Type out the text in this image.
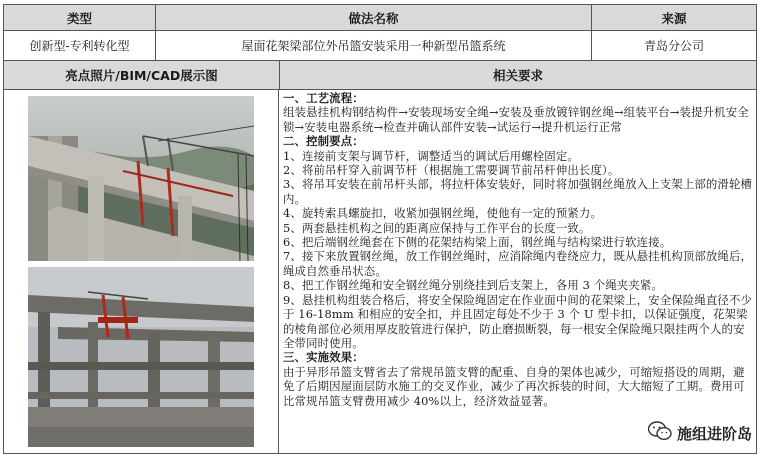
类型	做法名称	来源
创新型-专利转化型	屋面花架梁部位外吊篮安装采用一种新型吊篮系统	青岛分公司
亮点照片/BIM/CAD展示图	相关要求

一、工艺流程：

组装悬挂机构钢结构件→安装现场安全绳→安装及垂放镀锌钢丝绳→组装平台→装提升机安全锁→安装电器系统→检查并确认部件安装→试运行→提升机运行正常

二、控制要点：

1、连接前支架与调节杆，调整适当的调试后用螺栓固定。

2、将前吊杆穿入前调节杆（根据施工需要调节前吊杆伸出长度）。

3、将吊耳安装在前吊杆头部，将拉杆体安装好，同时将加强钢丝绳放入上支架上部的滑轮槽内。

4、旋转索具螺旋扣，收紧加强钢丝绳，使他有一定的预紧力。

5、两套悬挂机构之间的距离应保持与工作平台的长度一致。

6、把后端钢丝绳套在下侧的花架结构梁上面，钢丝绳与结构梁进行软连接。

7、接下来放置钢丝绳，放工作钢丝绳时，应消除绳内卷绕应力，既从悬挂机构顶部放绳后，绳成自然垂吊状态。

8、把工作钢丝绳和安全钢丝绳分别绕挂到后支架上，各用 3 个绳夹夹紧。

9、悬挂机构组装合格后，将安全保险绳固定在作业面中间的花架梁上，安全保险绳直径不少于 16-18mm 和相应的安全扣，并且固定每处不少于 3 个 U 型卡扣，以保证强度，花架梁的棱角部位必须用厚皮胶管进行保护，防止磨损断裂，每一根安全保险绳只限挂两个人的安全带同时使用。

三、实施效果：

由于异形吊篮支臂省去了常规吊篮支臂的配重、自身的架体也减少，可缩短搭设的周期，避免了后期因屋面层防水施工的交叉作业，减少了再次拆装的时间，大大缩短了工期。费用可比常规吊篮支臂费用减少 40%以上，经济效益显著。

施组进阶岛
